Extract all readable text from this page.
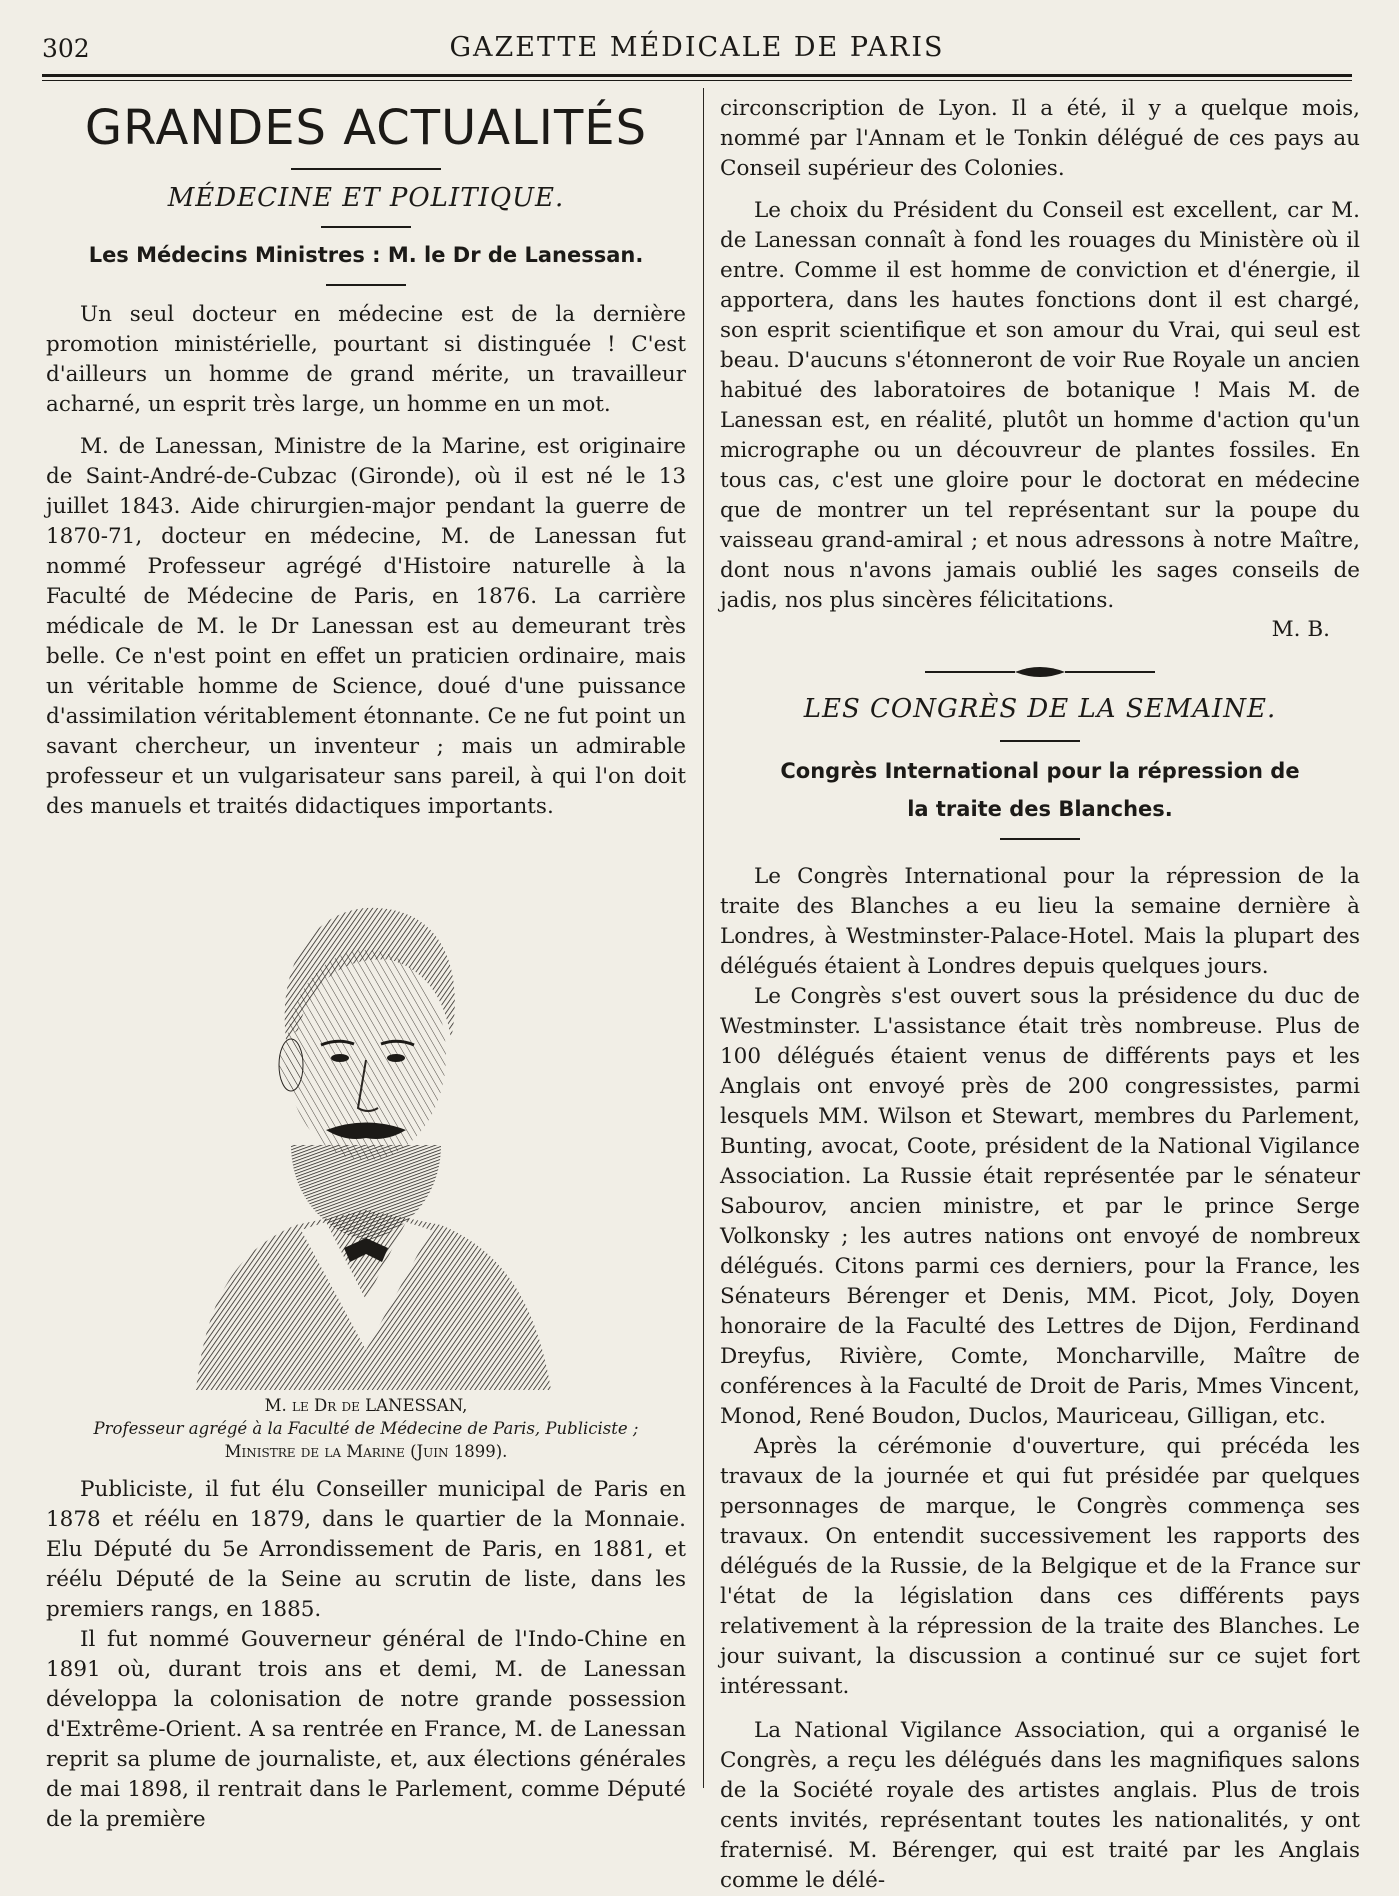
302	GAZETTE MÉDICALE DE PARIS
GRANDES ACTUALITÉS
MÉDECINE ET POLITIQUE.
Les Médecins Ministres : M. le Dr de Lanessan.

Un seul docteur en médecine est de la dernière promotion ministérielle, pourtant si distinguée ! C'est d'ailleurs un homme de grand mérite, un travailleur acharné, un esprit très large, un homme en un mot.

M. de Lanessan, Ministre de la Marine, est originaire de Saint-André-de-Cubzac (Gironde), où il est né le 13 juillet 1843. Aide chirurgien-major pendant la guerre de 1870-71, docteur en médecine, M. de Lanessan fut nommé Professeur agrégé d'Histoire naturelle à la Faculté de Médecine de Paris, en 1876. La carrière médicale de M. le Dr Lanessan est au demeurant très belle. Ce n'est point en effet un praticien ordinaire, mais un véritable homme de Science, doué d'une puissance d'assimilation véritablement étonnante. Ce ne fut point un savant chercheur, un inventeur ; mais un admirable professeur et un vulgarisateur sans pareil, à qui l'on doit des manuels et traités didactiques importants.

M. le Dr de LANESSAN,
Professeur agrégé à la Faculté de Médecine de Paris, Publiciste ;
Ministre de la Marine (Juin 1899).

Publiciste, il fut élu Conseiller municipal de Paris en 1878 et réélu en 1879, dans le quartier de la Monnaie. Elu Député du 5e Arrondissement de Paris, en 1881, et réélu Député de la Seine au scrutin de liste, dans les premiers rangs, en 1885.

Il fut nommé Gouverneur général de l'Indo-Chine en 1891 où, durant trois ans et demi, M. de Lanessan développa la colonisation de notre grande possession d'Extrême-Orient. A sa rentrée en France, M. de Lanessan reprit sa plume de journaliste, et, aux élections générales de mai 1898, il rentrait dans le Parlement, comme Député de la première

circonscription de Lyon. Il a été, il y a quelque mois, nommé par l'Annam et le Tonkin délégué de ces pays au Conseil supérieur des Colonies.

Le choix du Président du Conseil est excellent, car M. de Lanessan connaît à fond les rouages du Ministère où il entre. Comme il est homme de conviction et d'énergie, il apportera, dans les hautes fonctions dont il est chargé, son esprit scientifique et son amour du Vrai, qui seul est beau. D'aucuns s'étonneront de voir Rue Royale un ancien habitué des laboratoires de botanique ! Mais M. de Lanessan est, en réalité, plutôt un homme d'action qu'un micrographe ou un découvreur de plantes fossiles. En tous cas, c'est une gloire pour le doctorat en médecine que de montrer un tel représentant sur la poupe du vaisseau grand-amiral ; et nous adressons à notre Maître, dont nous n'avons jamais oublié les sages conseils de jadis, nos plus sincères félicitations.

M. B.
LES CONGRÈS DE LA SEMAINE.
Congrès International pour la répression de
la traite des Blanches.

Le Congrès International pour la répression de la traite des Blanches a eu lieu la semaine dernière à Londres, à Westminster-Palace-Hotel. Mais la plupart des délégués étaient à Londres depuis quelques jours.

Le Congrès s'est ouvert sous la présidence du duc de Westminster. L'assistance était très nombreuse. Plus de 100 délégués étaient venus de différents pays et les Anglais ont envoyé près de 200 congressistes, parmi lesquels MM. Wilson et Stewart, membres du Parlement, Bunting, avocat, Coote, président de la National Vigilance Association. La Russie était représentée par le sénateur Sabourov, ancien ministre, et par le prince Serge Volkonsky ; les autres nations ont envoyé de nombreux délégués. Citons parmi ces derniers, pour la France, les Sénateurs Bérenger et Denis, MM. Picot, Joly, Doyen honoraire de la Faculté des Lettres de Dijon, Ferdinand Dreyfus, Rivière, Comte, Moncharville, Maître de conférences à la Faculté de Droit de Paris, Mmes Vincent, Monod, René Boudon, Duclos, Mauriceau, Gilligan, etc.

Après la cérémonie d'ouverture, qui précéda les travaux de la journée et qui fut présidée par quelques personnages de marque, le Congrès commença ses travaux. On entendit successivement les rapports des délégués de la Russie, de la Belgique et de la France sur l'état de la législation dans ces différents pays relativement à la répression de la traite des Blanches. Le jour suivant, la discussion a continué sur ce sujet fort intéressant.

La National Vigilance Association, qui a organisé le Congrès, a reçu les délégués dans les magnifiques salons de la Société royale des artistes anglais. Plus de trois cents invités, représentant toutes les nationalités, y ont fraternisé. M. Bérenger, qui est traité par les Anglais comme le délé-
